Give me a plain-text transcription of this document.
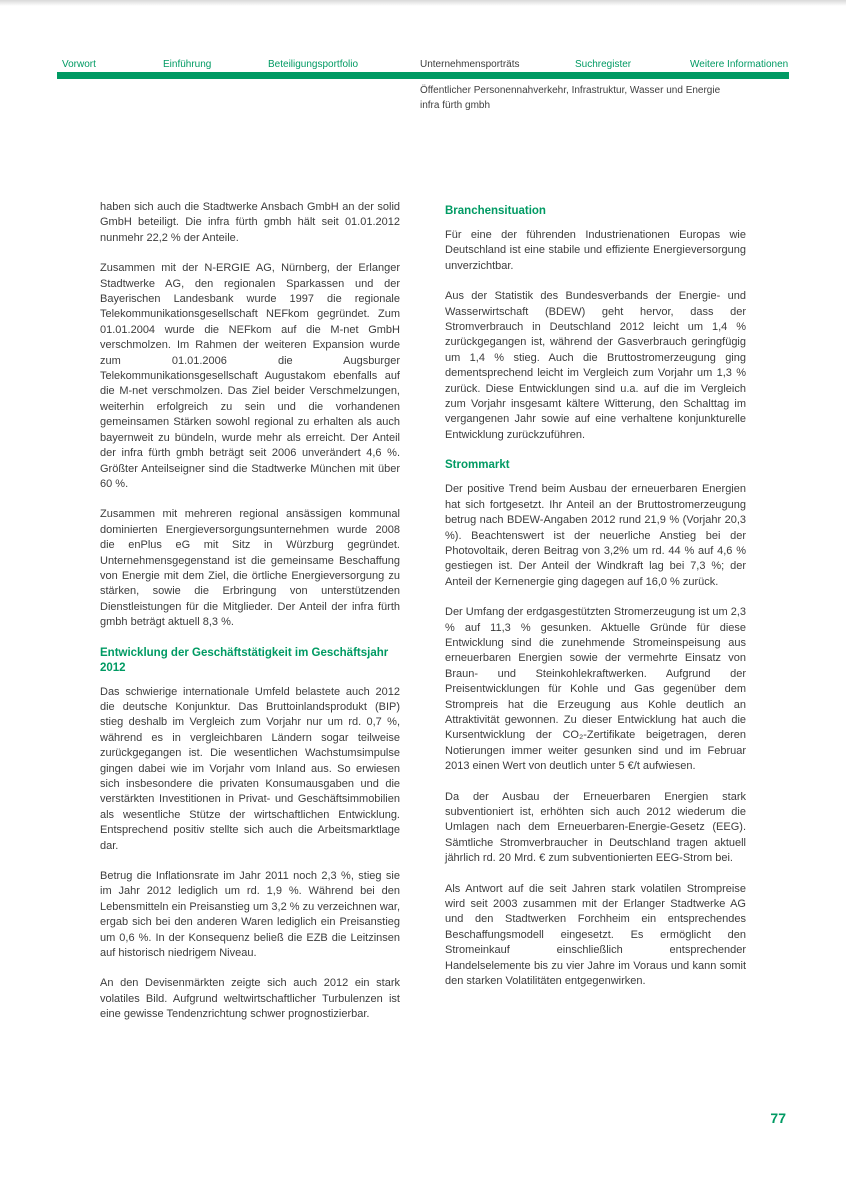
Vorwort	Einführung	Beteiligungsportfolio	Unternehmensporträts	Suchregister	Weitere Informationen
Öffentlicher Personennahverkehr, Infrastruktur, Wasser und Energie
infra fürth gmbh

haben sich auch die Stadtwerke Ansbach GmbH an der solid GmbH beteiligt. Die infra fürth gmbh hält seit 01.01.2012 nunmehr 22,2 % der Anteile.

Zusammen mit der N-ERGIE AG, Nürnberg, der Erlanger Stadtwerke AG, den regionalen Sparkassen und der Bayerischen Landesbank wurde 1997 die regionale Telekommunikationsgesellschaft NEFkom gegründet. Zum 01.01.2004 wurde die NEFkom auf die M-net GmbH verschmolzen. Im Rahmen der weiteren Expansion wurde zum 01.01.2006 die Augsburger Telekommunikationsgesellschaft Augustakom ebenfalls auf die M-net verschmolzen. Das Ziel beider Verschmelzungen, weiterhin erfolgreich zu sein und die vorhandenen gemeinsamen Stärken sowohl regional zu erhalten als auch bayernweit zu bündeln, wurde mehr als erreicht. Der Anteil der infra fürth gmbh beträgt seit 2006 unverändert 4,6 %. Größter Anteilseigner sind die Stadtwerke München mit über 60 %.

Zusammen mit mehreren regional ansässigen kommunal dominierten Energieversorgungsunternehmen wurde 2008 die enPlus eG mit Sitz in Würzburg gegründet. Unternehmensgegenstand ist die gemeinsame Beschaffung von Energie mit dem Ziel, die örtliche Energieversorgung zu stärken, sowie die Erbringung von unterstützenden Dienstleistungen für die Mitglieder. Der Anteil der infra fürth gmbh beträgt aktuell 8,3 %.

Entwicklung der Geschäftstätigkeit im Geschäftsjahr 2012

Das schwierige internationale Umfeld belastete auch 2012 die deutsche Konjunktur. Das Bruttoinlandsprodukt (BIP) stieg deshalb im Vergleich zum Vorjahr nur um rd. 0,7 %, während es in vergleichbaren Ländern sogar teilweise zurückgegangen ist. Die wesentlichen Wachstumsimpulse gingen dabei wie im Vorjahr vom Inland aus. So erwiesen sich insbesondere die privaten Konsumausgaben und die verstärkten Investitionen in Privat- und Geschäftsimmobilien als wesentliche Stütze der wirtschaftlichen Entwicklung. Entsprechend positiv stellte sich auch die Arbeitsmarktlage dar.

Betrug die Inflationsrate im Jahr 2011 noch 2,3 %, stieg sie im Jahr 2012 lediglich um rd. 1,9 %. Während bei den Lebensmitteln ein Preisanstieg um 3,2 % zu verzeichnen war, ergab sich bei den anderen Waren lediglich ein Preisanstieg um 0,6 %. In der Konsequenz beließ die EZB die Leitzinsen auf historisch niedrigem Niveau.

An den Devisenmärkten zeigte sich auch 2012 ein stark volatiles Bild. Aufgrund weltwirtschaftlicher Turbulenzen ist eine gewisse Tendenzrichtung schwer prognostizierbar.

Branchensituation

Für eine der führenden Industrienationen Europas wie Deutschland ist eine stabile und effiziente Energieversorgung unverzichtbar.

Aus der Statistik des Bundesverbands der Energie- und Wasserwirtschaft (BDEW) geht hervor, dass der Stromverbrauch in Deutschland 2012 leicht um 1,4 % zurückgegangen ist, während der Gasverbrauch geringfügig um 1,4 % stieg. Auch die Bruttostromerzeugung ging dementsprechend leicht im Vergleich zum Vorjahr um 1,3 % zurück. Diese Entwicklungen sind u.a. auf die im Vergleich zum Vorjahr insgesamt kältere Witterung, den Schalttag im vergangenen Jahr sowie auf eine verhaltene konjunkturelle Entwicklung zurückzuführen.

Strommarkt

Der positive Trend beim Ausbau der erneuerbaren Energien hat sich fortgesetzt. Ihr Anteil an der Bruttostromerzeugung betrug nach BDEW-Angaben 2012 rund 21,9 % (Vorjahr 20,3 %). Beachtenswert ist der neuerliche Anstieg bei der Photovoltaik, deren Beitrag von 3,2% um rd. 44 % auf 4,6 % gestiegen ist. Der Anteil der Windkraft lag bei 7,3 %; der Anteil der Kernenergie ging dagegen auf 16,0 % zurück.

Der Umfang der erdgasgestützten Stromerzeugung ist um 2,3 % auf 11,3 % gesunken. Aktuelle Gründe für diese Entwicklung sind die zunehmende Stromeinspeisung aus erneuerbaren Energien sowie der vermehrte Einsatz von Braun- und Steinkohlekraftwerken. Aufgrund der Preisentwicklungen für Kohle und Gas gegenüber dem Strompreis hat die Erzeugung aus Kohle deutlich an Attraktivität gewonnen. Zu dieser Entwicklung hat auch die Kursentwicklung der CO₂-Zertifikate beigetragen, deren Notierungen immer weiter gesunken sind und im Februar 2013 einen Wert von deutlich unter 5 €/t aufwiesen.

Da der Ausbau der Erneuerbaren Energien stark subventioniert ist, erhöhten sich auch 2012 wiederum die Umlagen nach dem Erneuerbaren-Energie-Gesetz (EEG). Sämtliche Stromverbraucher in Deutschland tragen aktuell jährlich rd. 20 Mrd. € zum subventionierten EEG-Strom bei.

Als Antwort auf die seit Jahren stark volatilen Strompreise wird seit 2003 zusammen mit der Erlanger Stadtwerke AG und den Stadtwerken Forchheim ein entsprechendes Beschaffungsmodell eingesetzt. Es ermöglicht den Stromeinkauf einschließlich entsprechender Handelselemente bis zu vier Jahre im Voraus und kann somit den starken Volatilitäten entgegenwirken.

77
